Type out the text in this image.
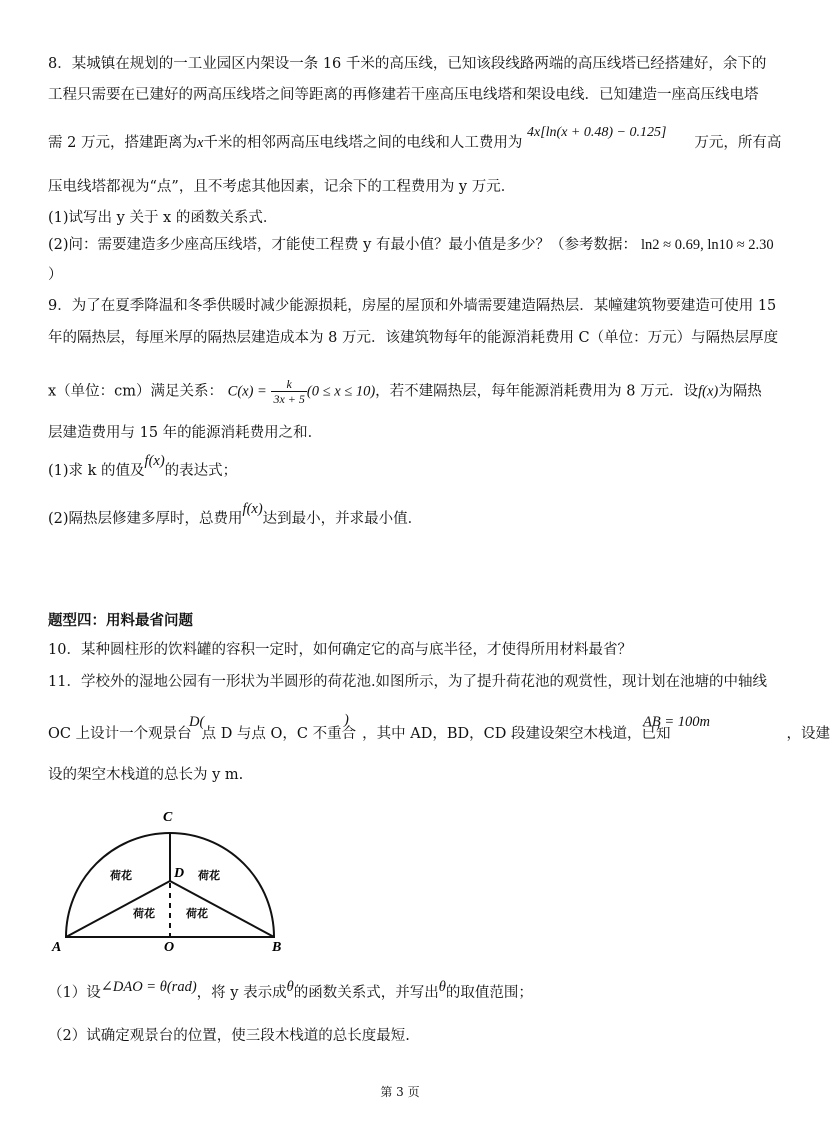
8．某城镇在规划的一工业园区内架设一条 16 千米的高压线，已知该段线路两端的高压线塔已经搭建好，余下的
工程只需要在已建好的两高压线塔之间等距离的再修建若干座高压电线塔和架设电线．已知建造一座高压线电塔
4x[ln(x + 0.48) − 0.125]
需 2 万元，搭建距离为x千米的相邻两高压电线塔之间的电线和人工费用为	万元，所有高
压电线塔都视为“点”，且不考虑其他因素，记余下的工程费用为 y 万元．
(1)试写出 y 关于 x 的函数关系式．
(2)问：需要建造多少座高压线塔，才能使工程费 y 有最小值？最小值是多少？（参考数据： ln2 ≈ 0.69, ln10 ≈ 2.30
）
9．为了在夏季降温和冬季供暖时减少能源损耗，房屋的屋顶和外墙需要建造隔热层．某幢建筑物要建造可使用 15
年的隔热层，每厘米厚的隔热层建造成本为 8 万元．该建筑物每年的能源消耗费用 C（单位：万元）与隔热层厚度
x（单位：cm）满足关系： $C(x) = \frac{k}{3x + 5} (0 \le x \le 10)$，若不建隔热层，每年能源消耗费用为 8 万元．设f(x)为隔热
层建造费用与 15 年的能源消耗费用之和．
(1)求 k 的值及f(x)的表达式；
(2)隔热层修建多厚时，总费用f(x)达到最小，并求最小值．
题型四：用料最省问题
10．某种圆柱形的饮料罐的容积一定时，如何确定它的高与底半径，才使得所用材料最省？
11．学校外的湿地公园有一形状为半圆形的荷花池.如图所示，为了提升荷花池的观赏性，现计划在池塘的中轴线
D(	)	AB = 100m
OC 上设计一个观景台 点 D 与点 O，C 不重合 ，其中 AD，BD，CD 段建设架空木栈道，已知	，设建
设的架空木栈道的总长为 y m.
C
D
O
A	B
荷花	荷花
荷花	荷花
（1）设∠DAO = θ(rad)，将 y 表示成θ的函数关系式，并写出θ的取值范围；
（2）试确定观景台的位置，使三段木栈道的总长度最短.
第 3 页
